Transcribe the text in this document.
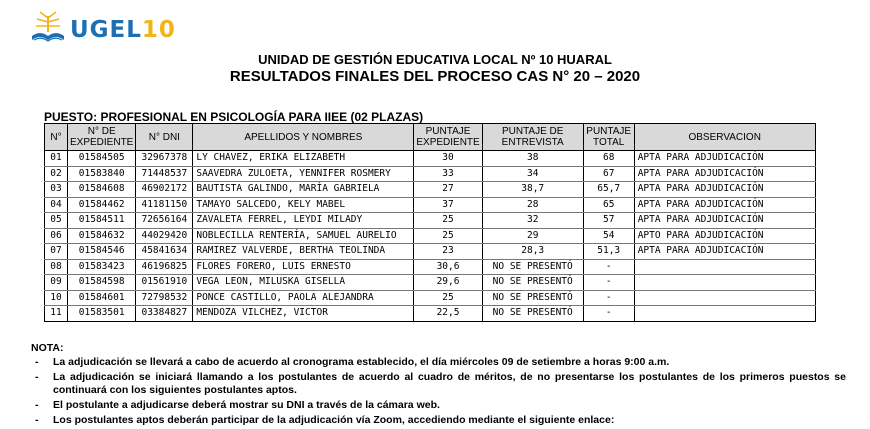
UGEL10
UNIDAD DE GESTIÓN EDUCATIVA LOCAL Nº 10 HUARAL
RESULTADOS FINALES DEL PROCESO CAS N° 20 – 2020
PUESTO: PROFESIONAL EN PSICOLOGÍA PARA IIEE (02 PLAZAS)
N°	N° DE EXPEDIENTE	N° DNI	APELLIDOS Y NOMBRES	PUNTAJE EXPEDIENTE	PUNTAJE DE ENTREVISTA	PUNTAJE TOTAL	OBSERVACION
01	01584505	32967378	LY CHAVEZ, ERIKA ELIZABETH	30	38	68	APTA PARA ADJUDICACIÓN
02	01583840	71448537	SAAVEDRA ZULOETA, YENNIFER ROSMERY	33	34	67	APTA PARA ADJUDICACIÓN
03	01584608	46902172	BAUTISTA GALINDO, MARÍA GABRIELA	27	38,7	65,7	APTA PARA ADJUDICACIÓN
04	01584462	41181150	TAMAYO SALCEDO, KELY MABEL	37	28	65	APTA PARA ADJUDICACIÓN
05	01584511	72656164	ZAVALETA FERREL, LEYDI MILADY	25	32	57	APTA PARA ADJUDICACIÓN
06	01584632	44029420	NOBLECILLA RENTERÍA, SAMUEL AURELIO	25	29	54	APTO PARA ADJUDICACIÓN
07	01584546	45841634	RAMIREZ VALVERDE, BERTHA TEOLINDA	23	28,3	51,3	APTA PARA ADJUDICACIÓN
08	01583423	46196825	FLORES FORERO, LUIS ERNESTO	30,6	NO SE PRESENTÓ	-	
09	01584598	01561910	VEGA LEON, MILUSKA GISELLA	29,6	NO SE PRESENTÓ	-	
10	01584601	72798532	PONCE CASTILLO, PAOLA ALEJANDRA	25	NO SE PRESENTÓ	-	
11	01583501	03384827	MENDOZA VILCHEZ, VICTOR	22,5	NO SE PRESENTÓ	-	
NOTA:
- La adjudicación se llevará a cabo de acuerdo al cronograma establecido, el día miércoles 09 de setiembre a horas 9:00 a.m.
- La adjudicación se iniciará llamando a los postulantes de acuerdo al cuadro de méritos, de no presentarse los postulantes de los primeros puestos se continuará con los siguientes postulantes aptos.
- El postulante a adjudicarse deberá mostrar su DNI a través de la cámara web.
- Los postulantes aptos deberán participar de la adjudicación vía Zoom, accediendo mediante el siguiente enlace:
